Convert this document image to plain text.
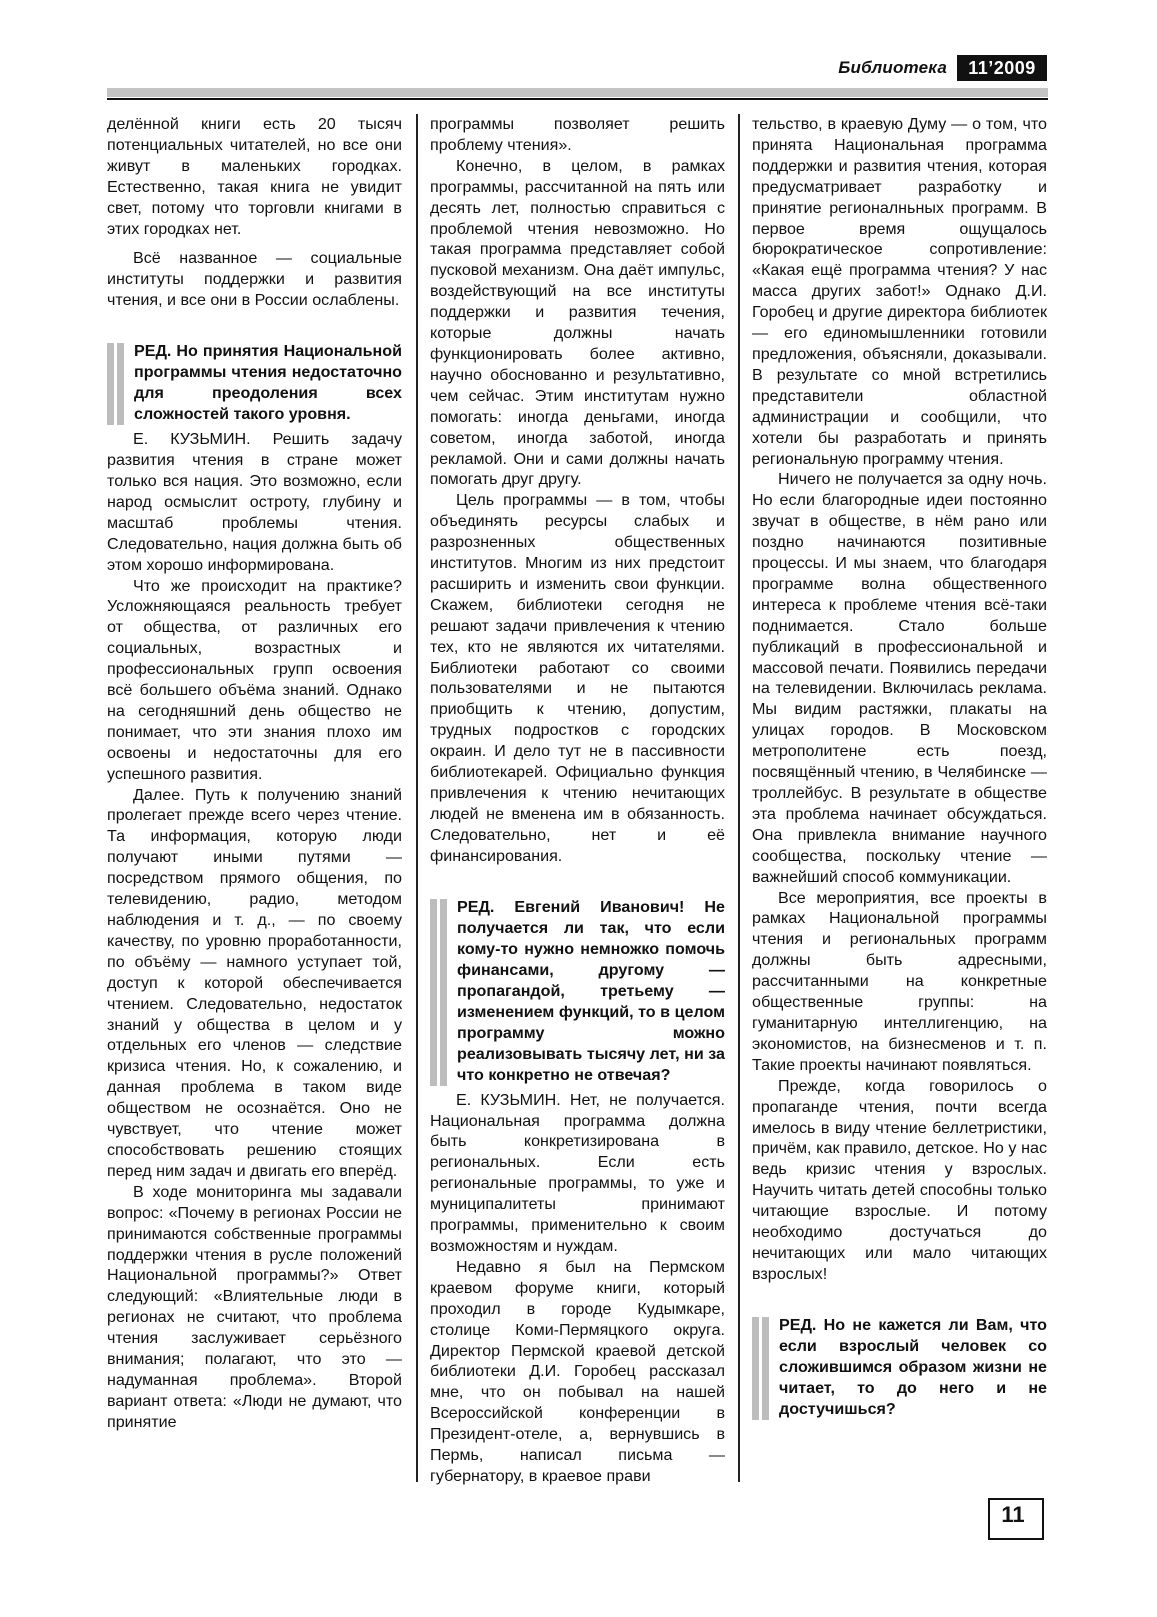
Библиотека	11’2009

делённой книги есть 20 тысяч потенциальных читателей, но все они живут в маленьких городках. Естественно, такая книга не увидит свет, потому что торговли книгами в этих городках нет.

Всё названное — социальные институты поддержки и развития чтения, и все они в России ослаблены.

РЕД. Но принятия Национальной программы чтения недостаточно для преодоления всех сложностей такого уровня.

Е. КУЗЬМИН. Решить задачу развития чтения в стране может только вся нация. Это возможно, если народ осмыслит остроту, глубину и масштаб проблемы чтения. Следовательно, нация должна быть об этом хорошо информирована.

Что же происходит на практике? Усложняющаяся реальность требует от общества, от различных его социальных, возрастных и профессиональных групп освоения всё большего объёма знаний. Однако на сегодняшний день общество не понимает, что эти знания плохо им освоены и недостаточны для его успешного развития.

Далее. Путь к получению знаний пролегает прежде всего через чтение. Та информация, которую люди получают иными путями — посредством прямого общения, по телевидению, радио, методом наблюдения и т. д., — по своему качеству, по уровню проработанности, по объёму — намного уступает той, доступ к которой обеспечивается чтением. Следовательно, недостаток знаний у общества в целом и у отдельных его членов — следствие кризиса чтения. Но, к сожалению, и данная проблема в таком виде обществом не осознаётся. Оно не чувствует, что чтение может способствовать решению стоящих перед ним задач и двигать его вперёд.

В ходе мониторинга мы задавали вопрос: «Почему в регионах России не принимаются собственные программы поддержки чтения в русле положений Национальной программы?» Ответ следующий: «Влиятельные люди в регионах не считают, что проблема чтения заслуживает серьёзного внимания; полагают, что это — надуманная проблема». Второй вариант ответа: «Люди не думают, что принятие

программы позволяет решить проблему чтения».

Конечно, в целом, в рамках программы, рассчитанной на пять или десять лет, полностью справиться с проблемой чтения невозможно. Но такая программа представляет собой пусковой механизм. Она даёт импульс, воздействующий на все институты поддержки и развития течения, которые должны начать функционировать более активно, научно обоснованно и результативно, чем сейчас. Этим институтам нужно помогать: иногда деньгами, иногда советом, иногда заботой, иногда рекламой. Они и сами должны начать помогать друг другу.

Цель программы — в том, чтобы объединять ресурсы слабых и разрозненных общественных институтов. Многим из них предстоит расширить и изменить свои функции. Скажем, библиотеки сегодня не решают задачи привлечения к чтению тех, кто не являются их читателями. Библиотеки работают со своими пользователями и не пытаются приобщить к чтению, допустим, трудных подростков с городских окраин. И дело тут не в пассивности библиотекарей. Официально функция привлечения к чтению нечитающих людей не вменена им в обязанность. Следовательно, нет и её финансирования.

РЕД. Евгений Иванович! Не получается ли так, что если кому-то нужно немножко помочь финансами, другому — пропагандой, третьему — изменением функций, то в целом программу можно реализовывать тысячу лет, ни за что конкретно не отвечая?

Е. КУЗЬМИН. Нет, не получается. Национальная программа должна быть конкретизирована в региональных. Если есть региональные программы, то уже и муниципалитеты принимают программы, применительно к своим возможностям и нуждам.

Недавно я был на Пермском краевом форуме книги, который проходил в городе Кудымкаре, столице Коми-Пермяцкого округа. Директор Пермской краевой детской библиотеки Д.И. Горобец рассказал мне, что он побывал на нашей Всероссийской конференции в Президент-отеле, а, вернувшись в Пермь, написал письма — губернатору, в краевое прави

тельство, в краевую Думу — о том, что принята Национальная программа поддержки и развития чтения, которая предусматривает разработку и принятие регионалньных программ. В первое время ощущалось бюрократическое сопротивление: «Какая ещё программа чтения? У нас масса других забот!» Однако Д.И. Горобец и другие директора библиотек — его единомышленники готовили предложения, объясняли, доказывали. В результате со мной встретились представители областной администрации и сообщили, что хотели бы разработать и принять региональную программу чтения.

Ничего не получается за одну ночь. Но если благородные идеи постоянно звучат в обществе, в нём рано или поздно начинаются позитивные процессы. И мы знаем, что благодаря программе волна общественного интереса к проблеме чтения всё-таки поднимается. Стало больше публикаций в профессиональной и массовой печати. Появились передачи на телевидении. Включилась реклама. Мы видим растяжки, плакаты на улицах городов. В Московском метрополитене есть поезд, посвящённый чтению, в Челябинске — троллейбус. В результате в обществе эта проблема начинает обсуждаться. Она привлекла внимание научного сообщества, поскольку чтение — важнейший способ коммуникации.

Все мероприятия, все проекты в рамках Национальной программы чтения и региональных программ должны быть адресными, рассчитанными на конкретные общественные группы: на гуманитарную интеллигенцию, на экономистов, на бизнесменов и т. п. Такие проекты начинают появляться.

Прежде, когда говорилось о пропаганде чтения, почти всегда имелось в виду чтение беллетристики, причём, как правило, детское. Но у нас ведь кризис чтения у взрослых. Научить читать детей способны только читающие взрослые. И потому необходимо достучаться до нечитающих или мало читающих взрослых!

РЕД. Но не кажется ли Вам, что если взрослый человек со сложившимся образом жизни не читает, то до него и не достучишься?
11
